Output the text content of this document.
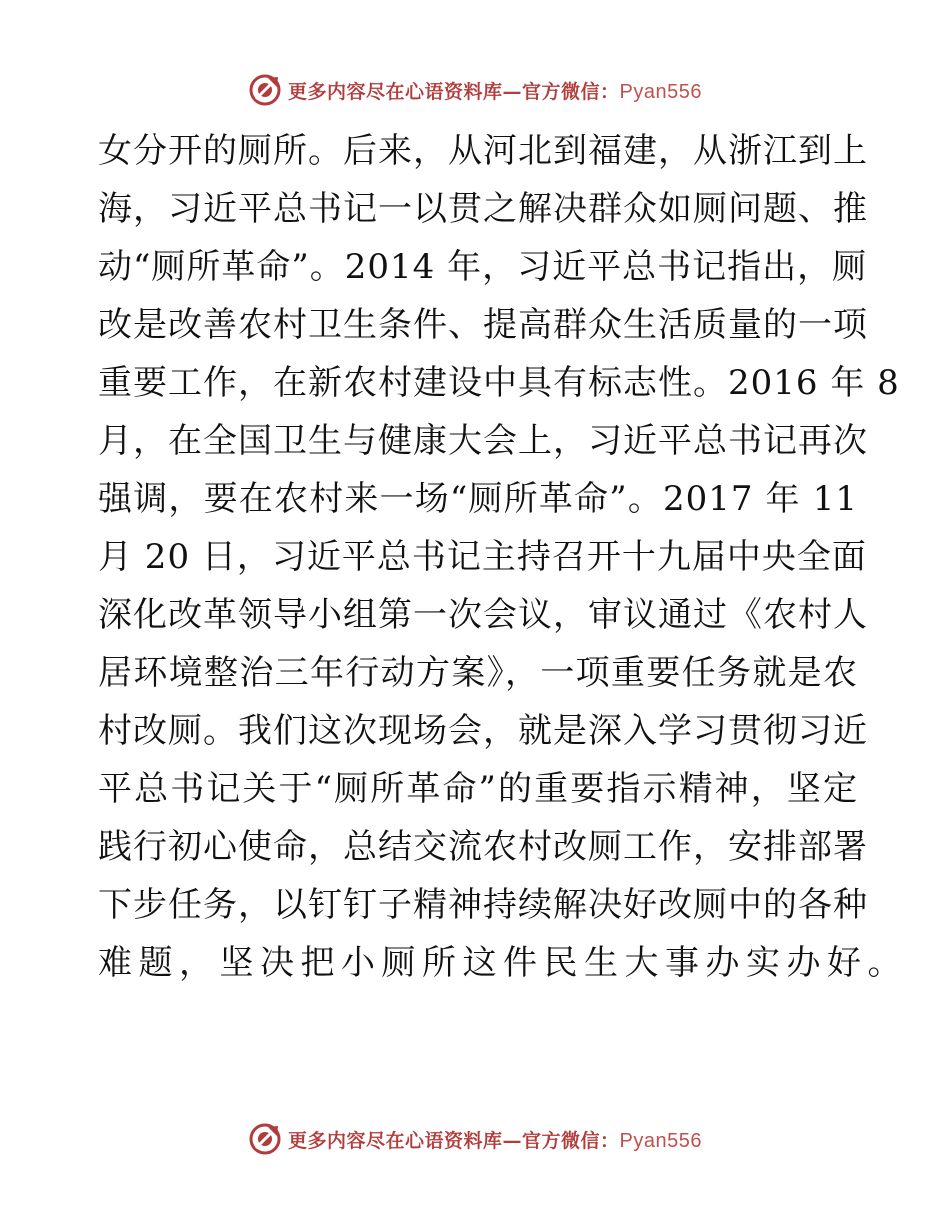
更多内容尽在心语资料库—官方微信：Pyan556
女分开的厕所。后来，从河北到福建，从浙江到上
海，习近平总书记一以贯之解决群众如厕问题、推
动“厕所革命”。2014 年，习近平总书记指出，厕
改是改善农村卫生条件、提高群众生活质量的一项
重要工作，在新农村建设中具有标志性。2016 年 8
月，在全国卫生与健康大会上，习近平总书记再次
强调，要在农村来一场“厕所革命”。2017 年 11
月 20 日，习近平总书记主持召开十九届中央全面
深化改革领导小组第一次会议，审议通过《农村人
居环境整治三年行动方案》，一项重要任务就是农
村改厕。我们这次现场会，就是深入学习贯彻习近
平总书记关于“厕所革命”的重要指示精神，坚定
践行初心使命，总结交流农村改厕工作，安排部署
下步任务，以钉钉子精神持续解决好改厕中的各种
难题，坚决把小厕所这件民生大事办实办好。
更多内容尽在心语资料库—官方微信：Pyan556
